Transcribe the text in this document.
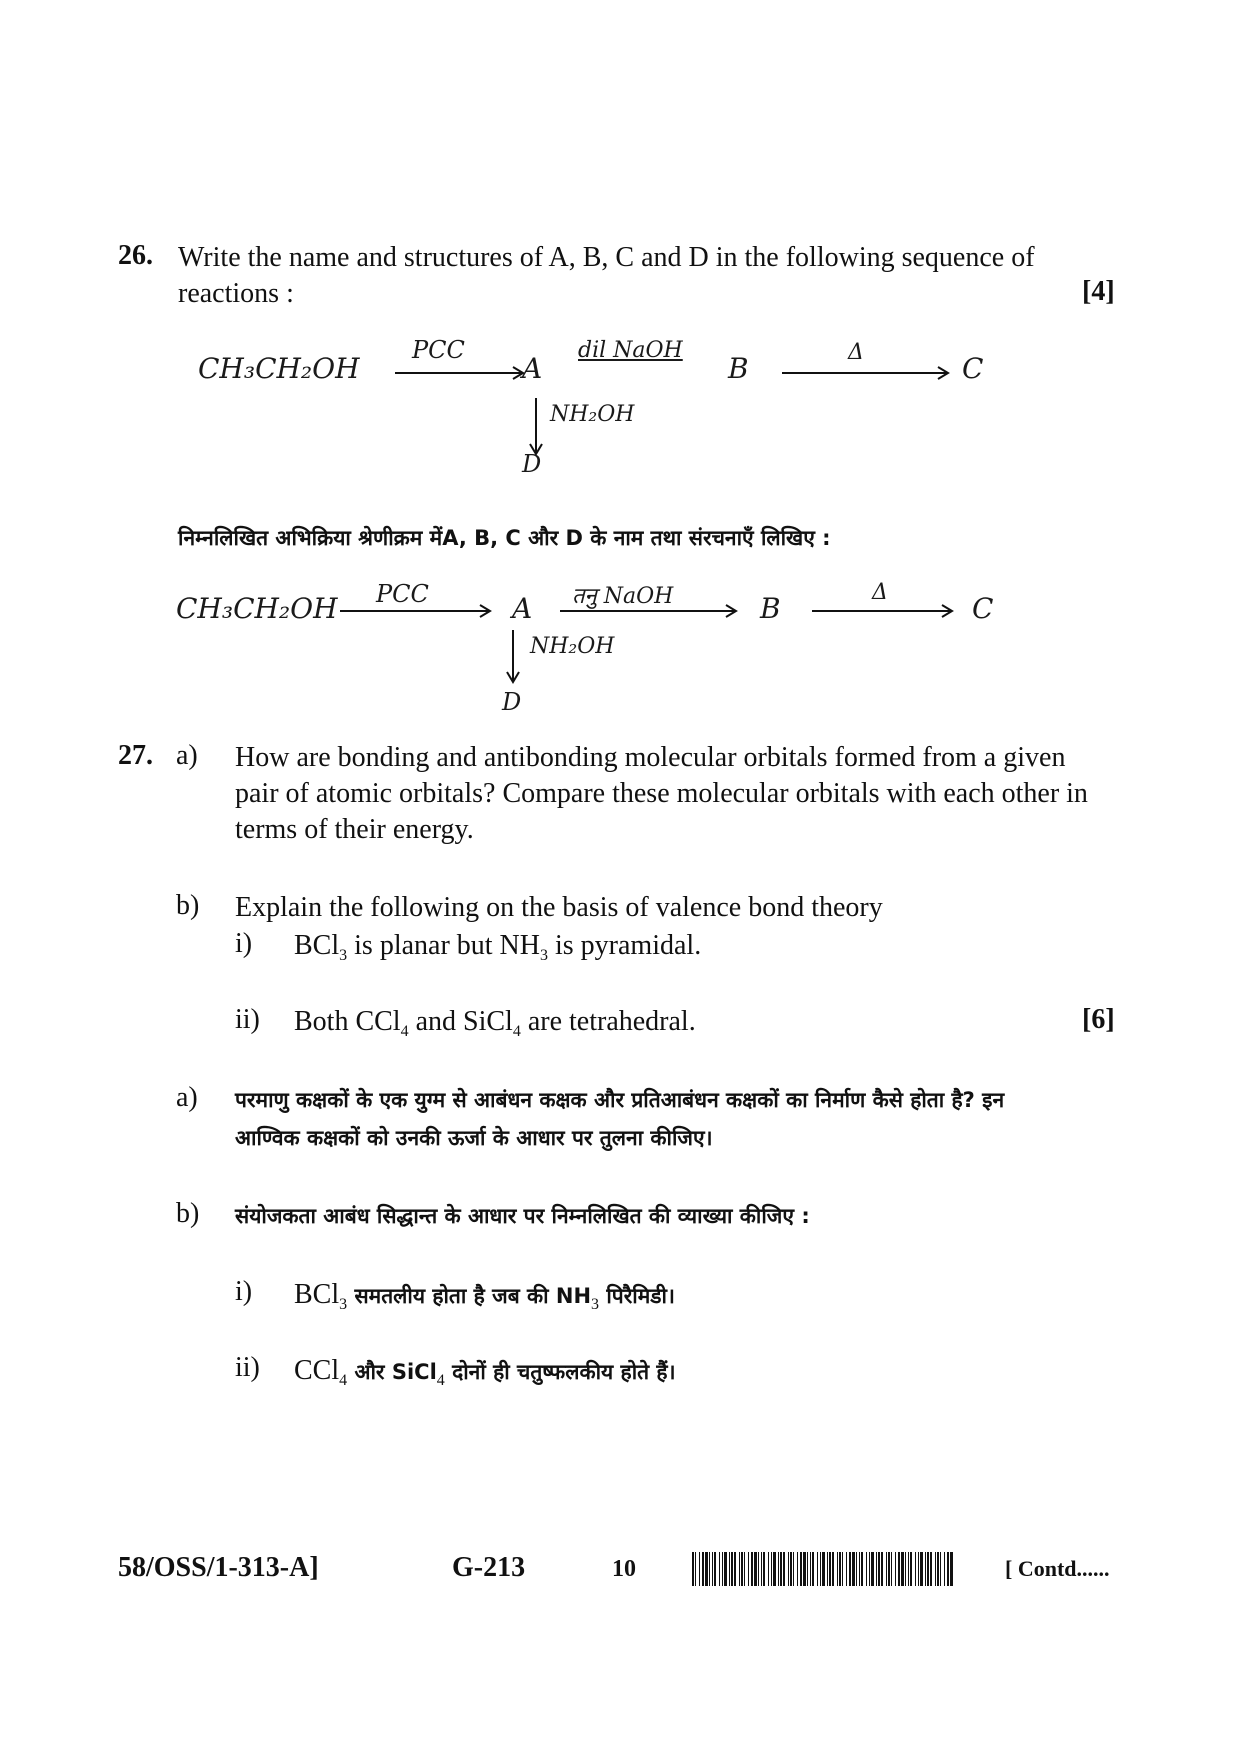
26. Write the name and structures of A, B, C and D in the following sequence of
reactions :	[4]
CH₃CH₂OH
PCC
A
dil NaOH
B	Δ	C
NH₂OH
D
निम्नलिखित अभिक्रिया श्रेणीक्रम मेंA, B, C और D के नाम तथा संरचनाएँ लिखिए :
CH₃CH₂OH PCC	A तनु NaOH	B	Δ	C
NH₂OH
D
27. a) How are bonding and antibonding molecular orbitals formed from a given
pair of atomic orbitals? Compare these molecular orbitals with each other in
terms of their energy.
b) Explain the following on the basis of valence bond theory
i) BCl$_3$ is planar but $NH_3$ is pyramidal.
ii) Both CCl$_4$ and SiCl$_4$ are tetrahedral.	[6]
a) परमाणु कक्षकों के एक युग्म से आबंधन कक्षक और प्रतिआबंधन कक्षकों का निर्माण कैसे होता है? इन
आण्विक कक्षकों को उनकी ऊर्जा के आधार पर तुलना कीजिए।
b) संयोजकता आबंध सिद्धान्त के आधार पर निम्नलिखित की व्याख्या कीजिए :
i) BCl$_3$ समतलीय होता है जब की $NH_3$ पिरैमिडी।
ii) CCl$_4$ और SiCl$_4$ दोनों ही चतुष्फलकीय होते हैं।
58/OSS/1-313-A]	G-213	10	[ Contd......
